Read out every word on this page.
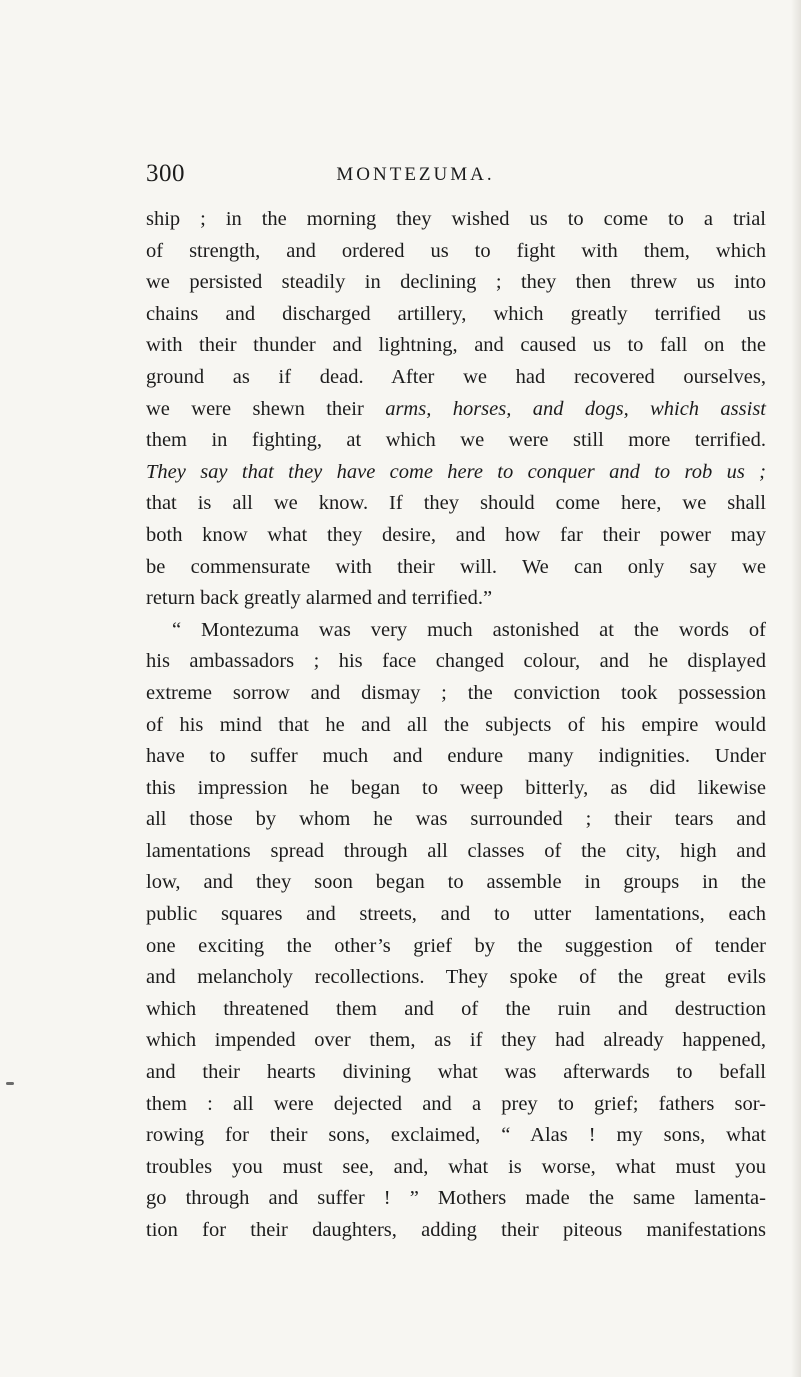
300	MONTEZUMA.
ship ; in the morning they wished us to come to a trial
of strength, and ordered us to fight with them, which
we persisted steadily in declining ; they then threw us into
chains and discharged artillery, which greatly terrified us
with their thunder and lightning, and caused us to fall on the
ground as if dead. After we had recovered ourselves,
we were shewn their arms, horses, and dogs, which assist
them in fighting, at which we were still more terrified.
They say that they have come here to conquer and to rob us ;
that is all we know. If they should come here, we shall
both know what they desire, and how far their power may
be commensurate with their will. We can only say we
return back greatly alarmed and terrified.”
“ Montezuma was very much astonished at the words of
his ambassadors ; his face changed colour, and he displayed
extreme sorrow and dismay ; the conviction took possession
of his mind that he and all the subjects of his empire would
have to suffer much and endure many indignities. Under
this impression he began to weep bitterly, as did likewise
all those by whom he was surrounded ; their tears and
lamentations spread through all classes of the city, high and
low, and they soon began to assemble in groups in the
public squares and streets, and to utter lamentations, each
one exciting the other’s grief by the suggestion of tender
and melancholy recollections. They spoke of the great evils
which threatened them and of the ruin and destruction
which impended over them, as if they had already happened,
and their hearts divining what was afterwards to befall
them : all were dejected and a prey to grief; fathers sor-
rowing for their sons, exclaimed, “ Alas ! my sons, what
troubles you must see, and, what is worse, what must you
go through and suffer ! ” Mothers made the same lamenta-
tion for their daughters, adding their piteous manifestations
